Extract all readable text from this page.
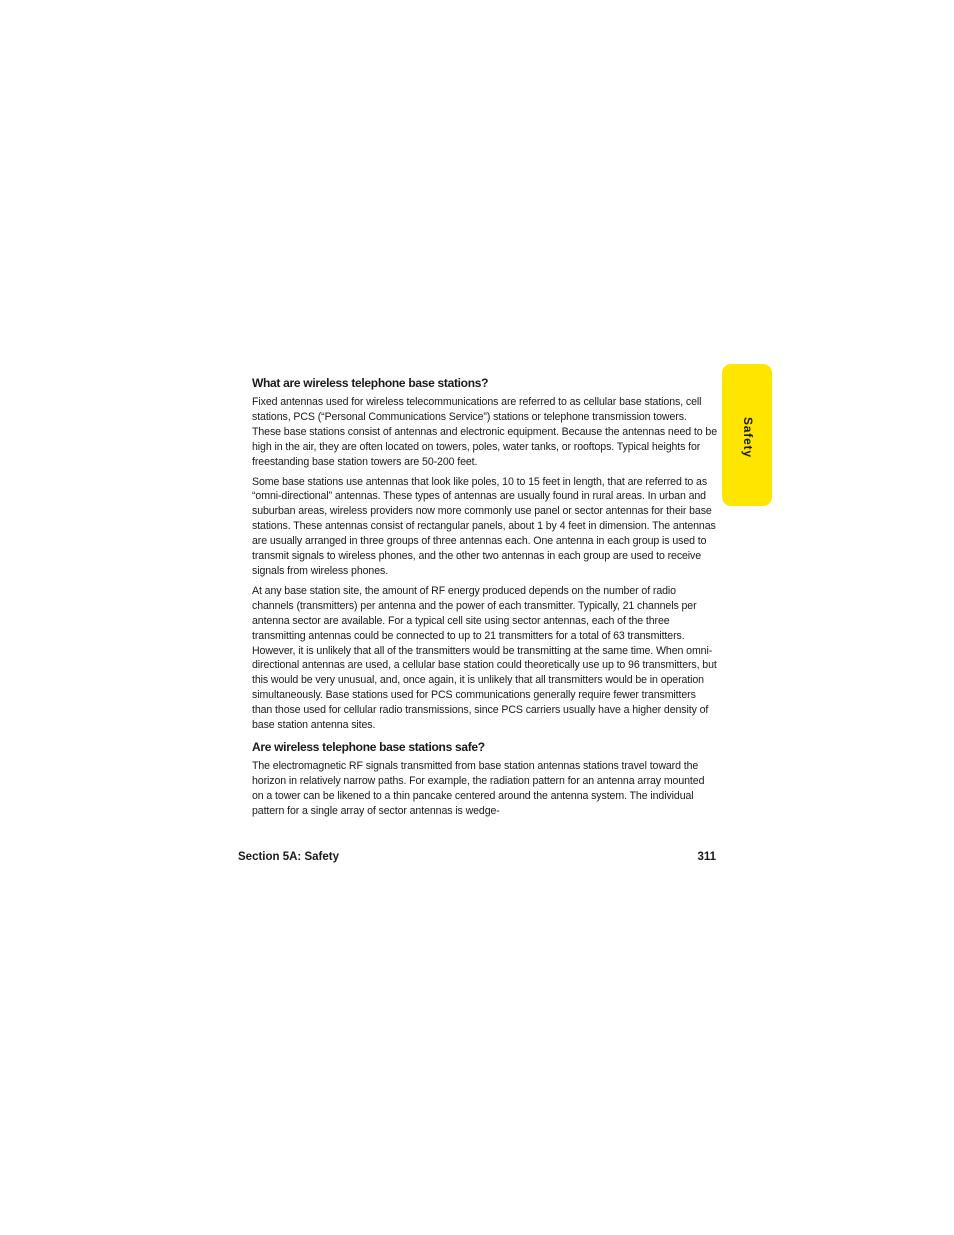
Safety
What are wireless telephone base stations?

Fixed antennas used for wireless telecommunications are referred to as cellular base stations, cell stations, PCS (“Personal Communications Service”) stations or telephone transmission towers. These base stations consist of antennas and electronic equipment. Because the antennas need to be high in the air, they are often located on towers, poles, water tanks, or rooftops. Typical heights for freestanding base station towers are 50-200 feet.

Some base stations use antennas that look like poles, 10 to 15 feet in length, that are referred to as “omni-directional” antennas. These types of antennas are usually found in rural areas. In urban and suburban areas, wireless providers now more commonly use panel or sector antennas for their base stations. These antennas consist of rectangular panels, about 1 by 4 feet in dimension. The antennas are usually arranged in three groups of three antennas each. One antenna in each group is used to transmit signals to wireless phones, and the other two antennas in each group are used to receive signals from wireless phones.

At any base station site, the amount of RF energy produced depends on the number of radio channels (transmitters) per antenna and the power of each transmitter. Typically, 21 channels per antenna sector are available. For a typical cell site using sector antennas, each of the three transmitting antennas could be connected to up to 21 transmitters for a total of 63 transmitters. However, it is unlikely that all of the transmitters would be transmitting at the same time. When omni-directional antennas are used, a cellular base station could theoretically use up to 96 transmitters, but this would be very unusual, and, once again, it is unlikely that all transmitters would be in operation simultaneously. Base stations used for PCS communications generally require fewer transmitters than those used for cellular radio transmissions, since PCS carriers usually have a higher density of base station antenna sites.

Are wireless telephone base stations safe?

The electromagnetic RF signals transmitted from base station antennas stations travel toward the horizon in relatively narrow paths. For example, the radiation pattern for an antenna array mounted on a tower can be likened to a thin pancake centered around the antenna system. The individual pattern for a single array of sector antennas is wedge-

Section 5A: Safety	311
